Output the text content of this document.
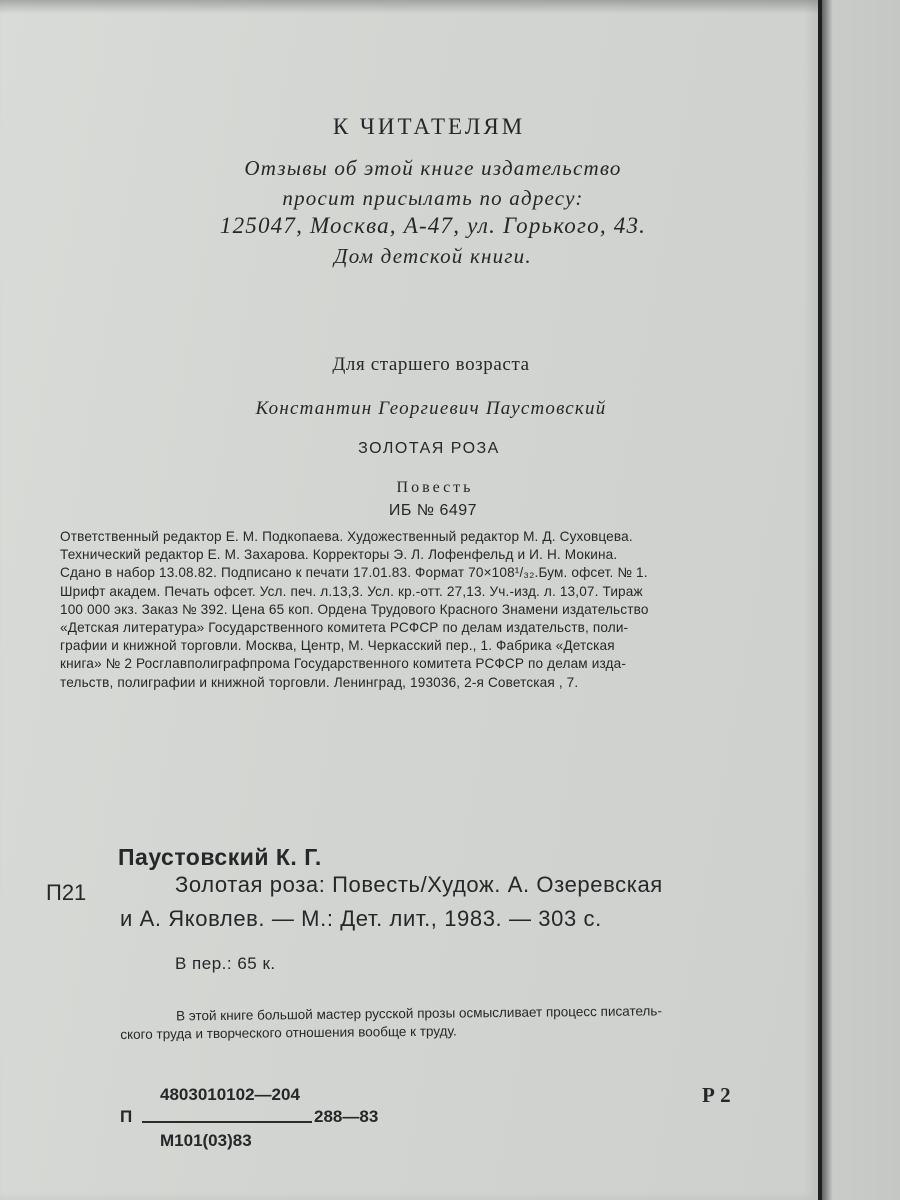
К ЧИТАТЕЛЯМ
Отзывы об этой книге издательство
просит присылать по адресу:
125047, Москва, А-47, ул. Горького, 43.
Дом детской книги.
Для старшего возраста
Константин Георгиевич Паустовский
ЗОЛОТАЯ РОЗА
Повесть
ИБ № 6497
Ответственный редактор Е. М. Подкопаева. Художественный редактор М. Д. Суховцева.
Технический редактор Е. М. Захарова. Корректоры Э. Л. Лофенфельд и И. Н. Мокина.
Сдано в набор 13.08.82. Подписано к печати 17.01.83. Формат 70×108¹/₃₂.Бум. офсет. № 1.
Шрифт академ. Печать офсет. Усл. печ. л.13,3. Усл. кр.-отт. 27,13. Уч.-изд. л. 13,07. Тираж
100 000 экз. Заказ № 392. Цена 65 коп. Ордена Трудового Красного Знамени издательство
«Детская литература» Государственного комитета РСФСР по делам издательств, поли-
графии и книжной торговли. Москва, Центр, М. Черкасский пер., 1. Фабрика «Детская
книга» № 2 Росглавполиграфпрома Государственного комитета РСФСР по делам изда-
тельств, полиграфии и книжной торговли. Ленинград, 193036, 2-я Советская , 7.
П21
Паустовский К. Г.
Золотая роза: Повесть/Худож. А. Озеревская
и А. Яковлев. — М.: Дет. лит., 1983. — 303 с.
В пер.: 65 к.
В этой книге большой мастер русской прозы осмысливает процесс писатель-
ского труда и творческого отношения вообще к труду.
4803010102—204
П	288—83
М101(03)83
Р 2
